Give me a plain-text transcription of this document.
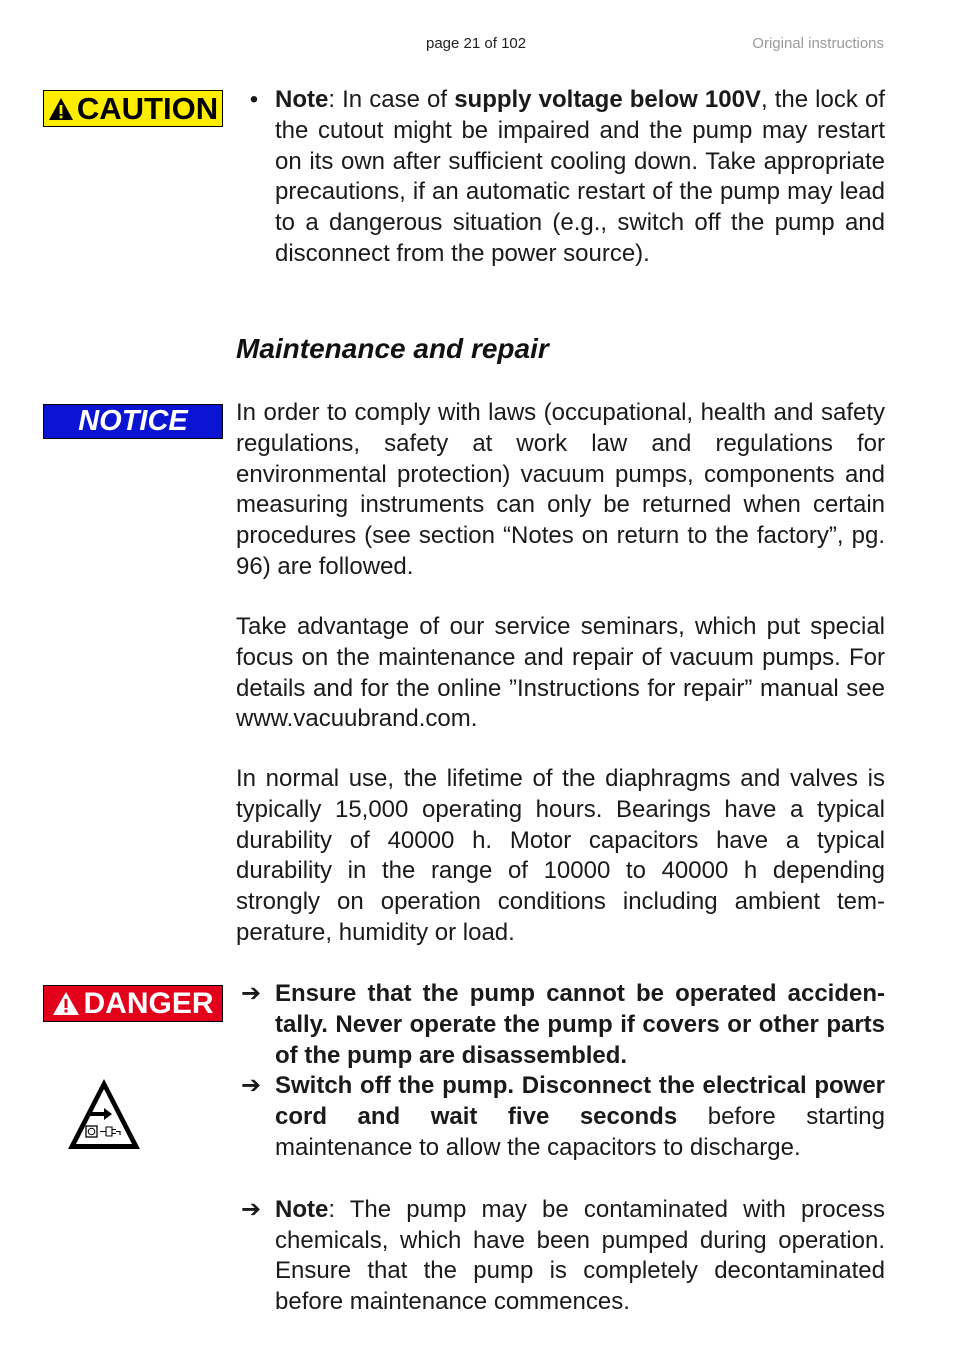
page 21 of 102	Original instructions
CAUTION • Note: In case of supply voltage below 100V, the lock of the cutout might be impaired and the pump may restart on its own after sufficient cooling down. Take appropriate precautions, if an automatic restart of the pump may lead to a dangerous situation (e.g., switch off the pump and disconnect from the power source).
Maintenance and repair
NOTICE In order to comply with laws (occupational, health and safety regulations, safety at work law and regulations for environmental protection) vacuum pumps, components and measuring instruments can only be returned when certain procedures (see section “Notes on return to the factory”, pg. 96) are followed.

Take advantage of our service seminars, which put special focus on the maintenance and repair of vacuum pumps. For details and for the online ”Instructions for repair” manual see www.vacuubrand.com.

In normal use, the lifetime of the diaphragms and valves is typically 15,000 operating hours. Bearings have a typical durability of 40000 h. Motor capacitors have a typical durability in the range of 10000 to 40000 h depending strongly on operation conditions including ambient temperature, humidity or load.

DANGER ➔ Ensure that the pump cannot be operated accidentally. Never operate the pump if covers or other parts of the pump are disassembled.
➔ Switch off the pump. Disconnect the electrical power cord and wait five seconds before starting maintenance to allow the capacitors to discharge.
➔ Note: The pump may be contaminated with process chemicals, which have been pumped during operation. Ensure that the pump is completely decontaminated before maintenance commences.
